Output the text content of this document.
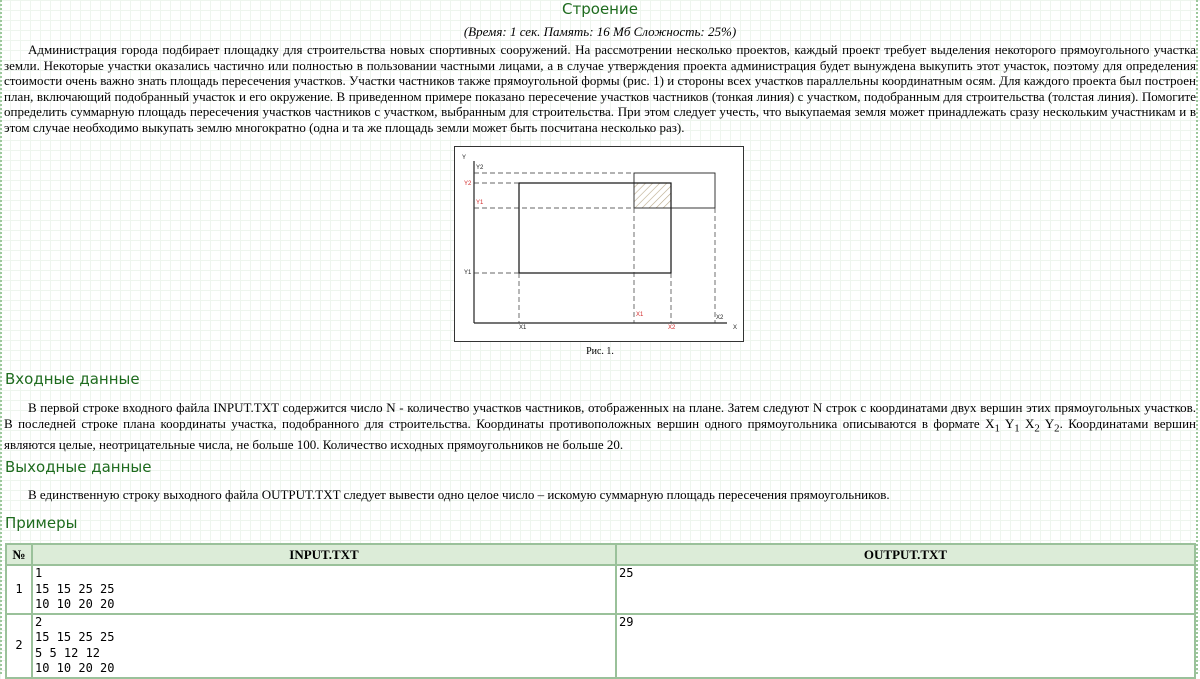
Строение
(Время: 1 сек. Память: 16 Мб Сложность: 25%)

Администрация города подбирает площадку для строительства новых спортивных сооружений. На рассмотрении несколько проектов, каждый проект требует выделения некоторого прямоугольного участка земли. Некоторые участки оказались частично или полностью в пользовании частными лицами, а в случае утверждения проекта администрация будет вынуждена выкупить этот участок, поэтому для определения стоимости очень важно знать площадь пересечения участков. Участки частников также прямоугольной формы (рис. 1) и стороны всех участков параллельны координатным осям. Для каждого проекта был построен план, включающий подобранный участок и его окружение. В приведенном примере показано пересечение участков частников (тонкая линия) с участком, подобранным для строительства (толстая линия). Помогите определить суммарную площадь пересечения участков частников с участком, выбранным для строительства. При этом следует учесть, что выкупаемая земля может принадлежать сразу нескольким участникам и в этом случае необходимо выкупать землю многократно (одна и та же площадь земли может быть посчитана несколько раз).

Y
X
Y2
Y2
Y1
Y1
X1
X1
X2
X2
Рис. 1.
Входные данные

В первой строке входного файла INPUT.TXT содержится число N - количество участков частников, отображенных на плане. Затем следуют N строк с координатами двух вершин этих прямоугольных участков. В последней строке плана координаты участка, подобранного для строительства. Координаты противоположных вершин одного прямоугольника описываются в формате $X_1$ $Y_1$ $X_2$ $Y_2$. Координатами вершин являются целые, неотрицательные числа, не больше 100. Количество исходных прямоугольников не больше 20.

Выходные данные

В единственную строку выходного файла OUTPUT.TXT следует вывести одно целое число – искомую суммарную площадь пересечения прямоугольников.

Примеры
№	INPUT.TXT	OUTPUT.TXT
1	1
15 15 25 25
10 10 20 20	25
2	2
15 15 25 25
5 5 12 12
10 10 20 20	29
